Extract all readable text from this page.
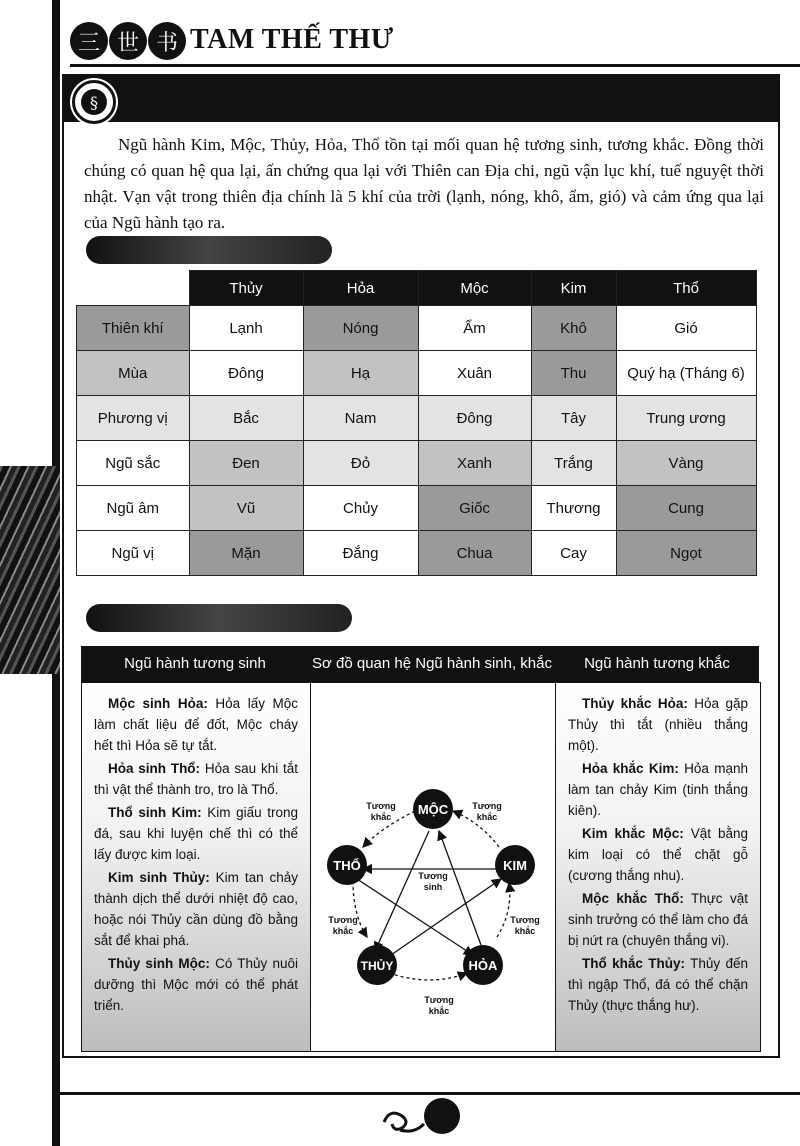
三 世 书 TAM THẾ THƯ
§

Ngũ hành Kim, Mộc, Thủy, Hỏa, Thổ tồn tại mối quan hệ tương sinh, tương khắc. Đồng thời chúng có quan hệ qua lại, ấn chứng qua lại với Thiên can Địa chi, ngũ vận lục khí, tuế nguyệt thời nhật. Vạn vật trong thiên địa chính là 5 khí của trời (lạnh, nóng, khô, ẩm, gió) và cảm ứng qua lại của Ngũ hành tạo ra.

	Thủy	Hỏa	Mộc	Kim	Thổ
Thiên khí	Lạnh	Nóng	Ẩm	Khô	Gió
Mùa	Đông	Hạ	Xuân	Thu	Quý hạ (Tháng 6)
Phương vị	Bắc	Nam	Đông	Tây	Trung ương
Ngũ sắc	Đen	Đỏ	Xanh	Trắng	Vàng
Ngũ âm	Vũ	Chủy	Giốc	Thương	Cung
Ngũ vị	Mặn	Đắng	Chua	Cay	Ngọt
Ngũ hành tương sinh	Sơ đồ quan hệ Ngũ hành sinh, khắc	Ngũ hành tương khắc

Mộc sinh Hỏa: Hỏa lấy Mộc làm chất liệu để đốt, Mộc cháy hết thì Hỏa sẽ tự tắt.

Hỏa sinh Thổ: Hỏa sau khi tắt thì vật thể thành tro, tro là Thổ.

Thổ sinh Kim: Kim giấu trong đá, sau khi luyện chế thì có thể lấy được kim loại.

Kim sinh Thủy: Kim tan chảy thành dịch thể dưới nhiệt độ cao, hoặc nói Thủy cần dùng đồ bằng sắt để khai phá.

Thủy sinh Mộc: Có Thủy nuôi dưỡng thì Mộc mới có thể phát triển.

MỘC
KIM
HỎA
THỦY
THỔ
Tương
khắc
Tương
khắc
Tương
khắc
Tương
khắc
Tương
khắc
Tương
sinh

Thủy khắc Hỏa: Hỏa gặp Thủy thì tắt (nhiều thắng một).

Hỏa khắc Kim: Hỏa mạnh làm tan chảy Kim (tinh thắng kiên).

Kim khắc Mộc: Vật bằng kim loại có thể chặt gỗ (cương thắng nhu).

Mộc khắc Thổ: Thực vật sinh trưởng có thể làm cho đá bị nứt ra (chuyên thắng vi).

Thổ khắc Thủy: Thủy đến thì ngập Thổ, đá có thể chặn Thủy (thực thắng hư).
